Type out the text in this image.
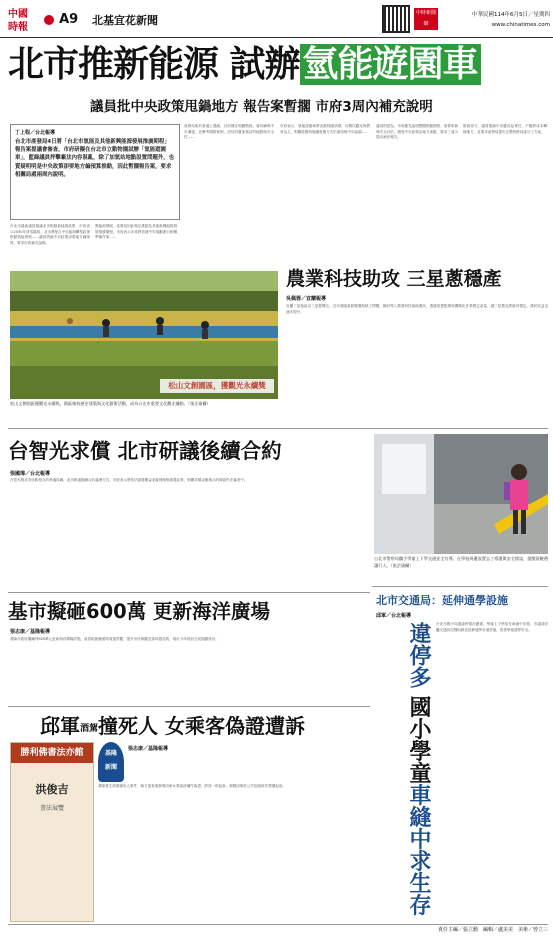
中國
時報
A9	北基宜花新聞
中時新聞網
中華民國114年6月5日／星期四
www.chinatimes.com
北市推新能源 試辦氫能遊園車
議員批中央政策甩鍋地方 報告案暫擱 市府3周內補充說明
丁上程／台北報導
台北市產發局4日將「台北市氫能及其他新興能源發展推廣期程」報告案提議會審查，市府研擬在台北市立動物園試辦「氫能遊園車」，藍綠議員抨擊廠法內容混亂，除了加氫站地點設置問題外，也質疑明明是中央政策卻要地方編預算推動，因此暫擱報告案，要求相關局處兩周內說明。
台北市議會議員施議北市推動新能源政策，市府表示2030年淨零碳排，北市將配合中央能源轉型政策推動氫能發展……議員質疑中央政策卻要地方編預算，要求市府補充說明。
興能源發展，產發局因此制定推動及其他新興能源發展推廣期程。市府表示未來將依據中央規劃進行相關準備作業……
產發局會於會議上強調，目前僅在規劃階段，會持續與中央溝通，並參考國際案例，評估設置加氫站的地點與安全性……
市府表示，氫能遊園車將由動物園試辦，初期以觀光與教育為主，相關經費與後續營運方式仍需再與中央協調……
議員則認為，市府應先說明整體推動期程、預算來源與安全評估，避免中央政策由地方承擔，要求三周內提出補充報告。
財源部分，議員強調中央應負起責任，不應將成本轉嫁地方，並要求產發局提出完整的跨局處分工方案。
松山文創園區，獲觀光永續獎
松山文創園區獲觀光永續獎，園區維持歷史建築與文化藝術活動，成為台北市重要文化觀光據點。（張芷瑜攝）
農業科技助攻 三星蔥穩產
吳佩蓉／宜蘭報導
宜蘭三星地區以三星蔥聞名，近年面臨氣候變遷與缺工問題，縣府導入農業科技協助農民，透過智慧監測與機械化作業穩定產量，讓三星蔥品質維持穩定，農民收益也逐步提升。
台智光求償 北市研議後續合約
張國瑋／台北報導
台智光與北市府路燈合約爭議持續，北市研議後續合約處理方式，市府表示將依法維護權益並確保路燈維護品質，相關求償金額與合約條款仍在審查中。
台北市警察局攜手學童上下學交通安全宣導，在學校周邊設置志工導護與安全標誌，提醒駕駛禮讓行人。（張芷瑜攝）
基市擬砸600萬 更新海洋廣場
張志康／基隆報導
基隆市政府擬編列600萬元更新海洋廣場設施，改善地面鋪面與周邊景觀，提升市民與觀光客休憩品質，預計今年底前完成規劃設計。
邱軍酒駕撞死人 女乘客偽證遭訴
勝利佛書法亦館
洪俊吉
書法展覽
基隆
新聞
張志康／基隆報導
基隆發生酒駕撞死人事件，檢方偵查後發現同車女乘客涉嫌作偽證，將其一併起訴，駕駛邱軍依公共危險致死罪遭起訴。
北市交通局：延伸通學設施
邱軍／台北報導
違停多 國小學童車縫中求生存
台北市國小周邊違停情況嚴重，學童上下學常在車縫中穿梭，市議員呼籲交通局加強取締並延伸通學步道設施，改善學童通學安全。
責任主編／張立勳　編輯／盧美美　美術／曾立三
